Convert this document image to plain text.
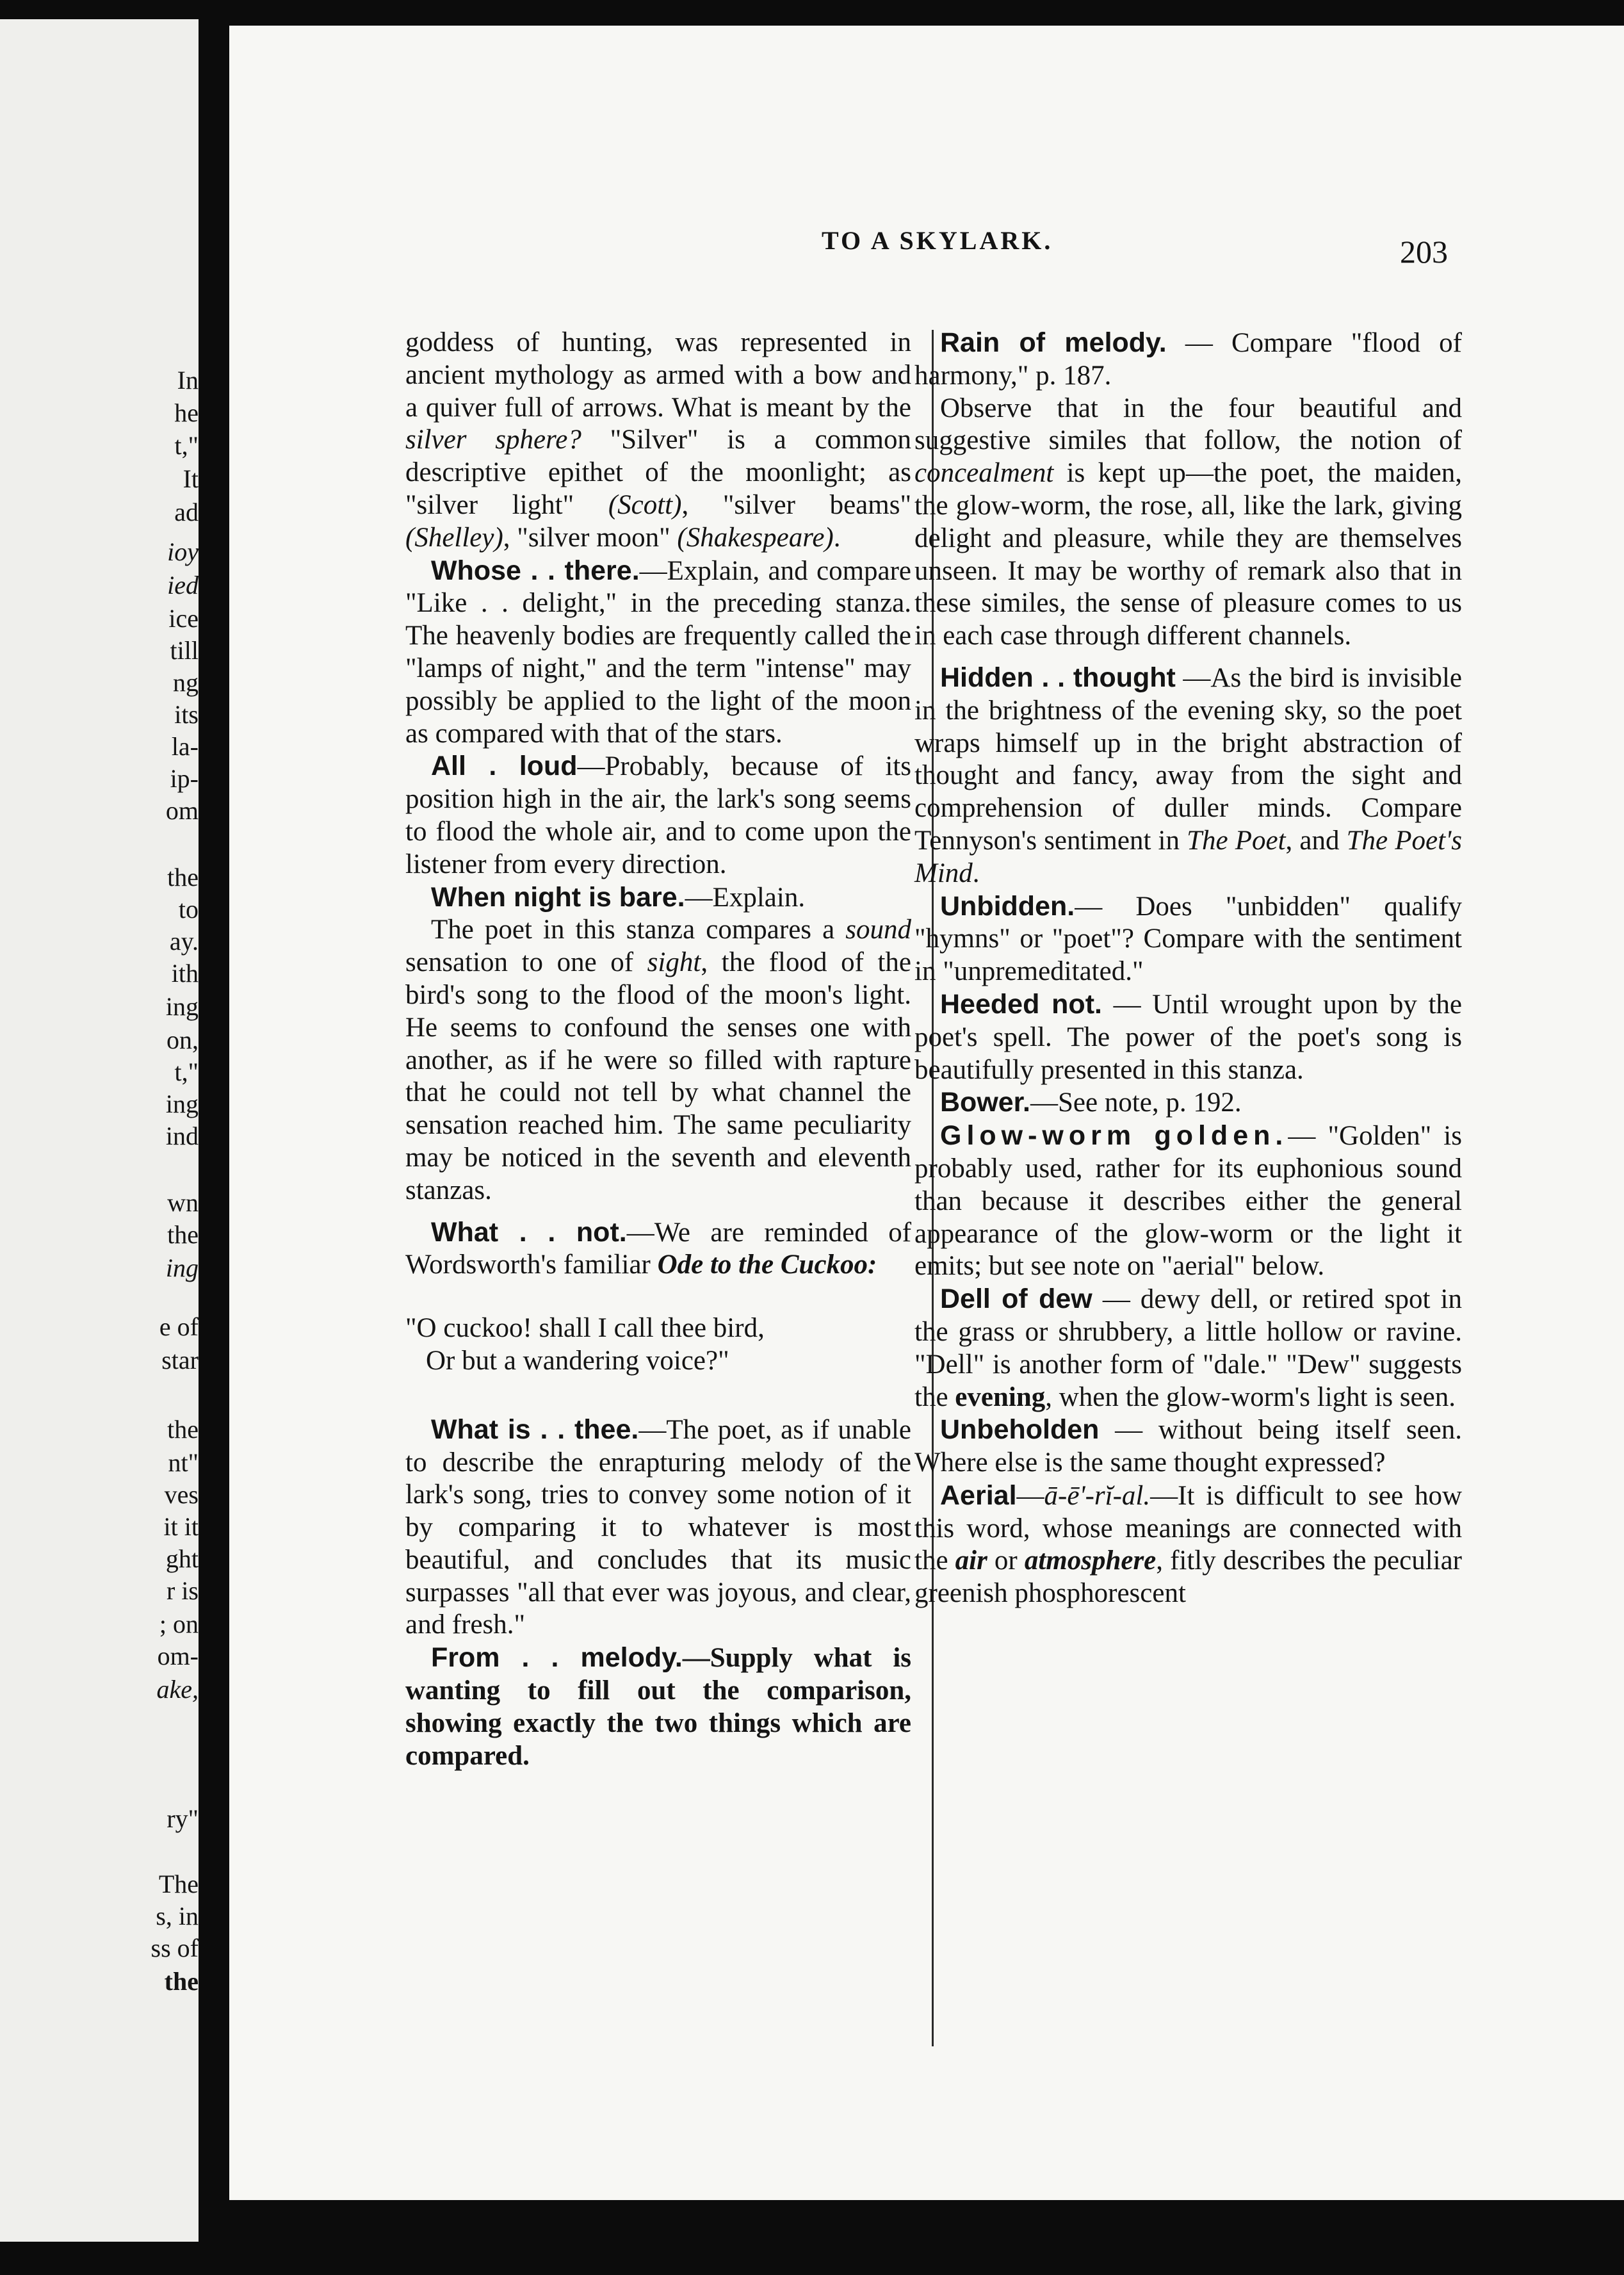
In
he
t,"
It
ad
ioy
ied
ice
till
ng
its
la-
ip-
om
the
to
ay.
ith
ing
on,
t,"
ing
ind
wn
the
ing
e of
star
the
nt"
ves
it it
ght
r is
; on
om-
ake,
ry"
The
s, in
ss of
the
TO A SKYLARK.	203

goddess of hunting, was represented in ancient mythology as armed with a bow and a quiver full of arrows. What is meant by the silver sphere? "Silver" is a common descriptive epithet of the moonlight; as "silver light" (Scott), "silver beams" (Shelley), "silver moon" (Shakespeare).

Whose . . there.—Explain, and compare "Like . . delight," in the preceding stanza. The heavenly bodies are frequently called the "lamps of night," and the term "intense" may possibly be applied to the light of the moon as compared with that of the stars.

All . loud—Probably, because of its position high in the air, the lark's song seems to flood the whole air, and to come upon the listener from every direction.

When night is bare.—Explain.

The poet in this stanza compares a sound sensation to one of sight, the flood of the bird's song to the flood of the moon's light. He seems to confound the senses one with another, as if he were so filled with rapture that he could not tell by what channel the sensation reached him. The same peculiarity may be noticed in the seventh and eleventh stanzas.

What . . not.—We are reminded of Wordsworth's familiar Ode to the Cuckoo:

"O cuckoo! shall I call thee bird,

Or but a wandering voice?"

What is . . thee.—The poet, as if unable to describe the enrapturing melody of the lark's song, tries to convey some notion of it by comparing it to whatever is most beautiful, and concludes that its music surpasses "all that ever was joyous, and clear, and fresh."

From . . melody.—Supply what is wanting to fill out the comparison, showing exactly the two things which are compared.

Rain of melody. — Compare "flood of harmony," p. 187.

Observe that in the four beautiful and suggestive similes that follow, the notion of concealment is kept up—the poet, the maiden, the glow-worm, the rose, all, like the lark, giving delight and pleasure, while they are themselves unseen. It may be worthy of remark also that in these similes, the sense of pleasure comes to us in each case through different channels.

Hidden . . thought —As the bird is invisible in the brightness of the evening sky, so the poet wraps himself up in the bright abstraction of thought and fancy, away from the sight and comprehension of duller minds. Compare Tennyson's sentiment in The Poet, and The Poet's Mind.

Unbidden.— Does "unbidden" qualify "hymns" or "poet"? Compare with the sentiment in "unpremeditated."

Heeded not. — Until wrought upon by the poet's spell. The power of the poet's song is beautifully presented in this stanza.

Bower.—See note, p. 192.

Glow-worm golden.— "Golden" is probably used, rather for its euphonious sound than because it describes either the general appearance of the glow-worm or the light it emits; but see note on "aerial" below.

Dell of dew — dewy dell, or retired spot in the grass or shrubbery, a little hollow or ravine. "Dell" is another form of "dale." "Dew" suggests the evening, when the glow-worm's light is seen.

Unbeholden — without being itself seen. Where else is the same thought expressed?

Aerial—ā-ē'-rĭ-al.—It is difficult to see how this word, whose meanings are connected with the air or atmosphere, fitly describes the peculiar greenish phosphorescent
